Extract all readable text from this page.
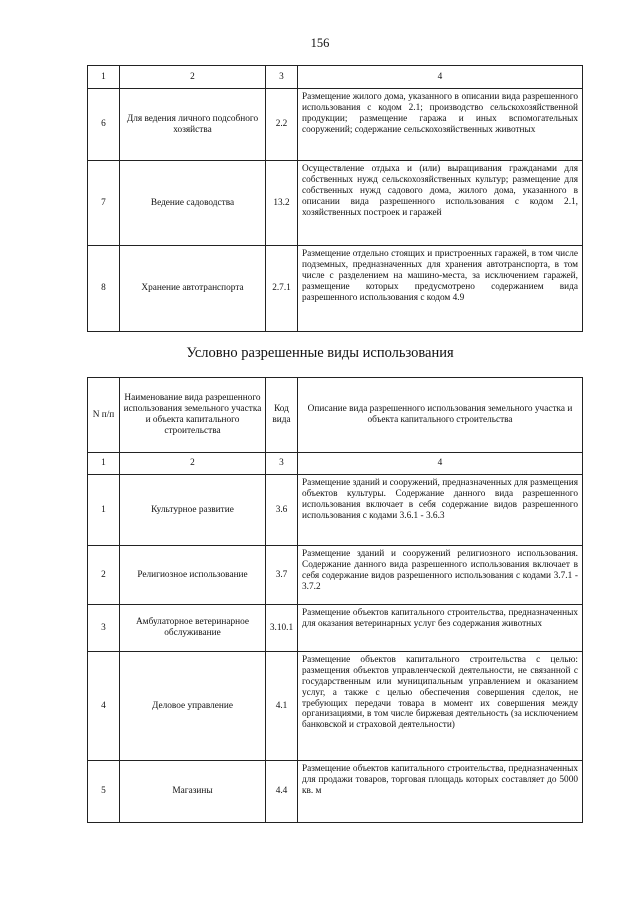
156
1	2	3	4
6	Для ведения личного подсобного хозяйства	2.2	Размещение жилого дома, указанного в описании вида разрешенного использования с кодом 2.1; производство сельскохозяйственной продукции; размещение гаража и иных вспомогательных сооружений; содержание сельскохозяйственных животных
7	Ведение садоводства	13.2	Осуществление отдыха и (или) выращивания гражданами для собственных нужд сельскохозяйственных культур; размещение для собственных нужд садового дома, жилого дома, указанного в описании вида разрешенного использования с кодом 2.1, хозяйственных построек и гаражей
8	Хранение автотранспорта	2.7.1	Размещение отдельно стоящих и пристроенных гаражей, в том числе подземных, предназначенных для хранения автотранспорта, в том числе с разделением на машино-места, за исключением гаражей, размещение которых предусмотрено содержанием вида разрешенного использования с кодом 4.9
Условно разрешенные виды использования
N п/п	Наименование вида разрешенного использования земельного участка и объекта капитального строительства	Код вида	Описание вида разрешенного использования земельного участка и объекта капитального строительства
1	2	3	4
1	Культурное развитие	3.6	Размещение зданий и сооружений, предназначенных для размещения объектов культуры. Содержание данного вида разрешенного использования включает в себя содержание видов разрешенного использования с кодами 3.6.1 - 3.6.3
2	Религиозное использование	3.7	Размещение зданий и сооружений религиозного использования. Содержание данного вида разрешенного использования включает в себя содержание видов разрешенного использования с кодами 3.7.1 - 3.7.2
3	Амбулаторное ветеринарное обслуживание	3.10.1	Размещение объектов капитального строительства, предназначенных для оказания ветеринарных услуг без содержания животных
4	Деловое управление	4.1	Размещение объектов капитального строительства с целью: размещения объектов управленческой деятельности, не связанной с государственным или муниципальным управлением и оказанием услуг, а также с целью обеспечения совершения сделок, не требующих передачи товара в момент их совершения между организациями, в том числе биржевая деятельность (за исключением банковской и страховой деятельности)
5	Магазины	4.4	Размещение объектов капитального строительства, предназначенных для продажи товаров, торговая площадь которых составляет до 5000 кв. м
